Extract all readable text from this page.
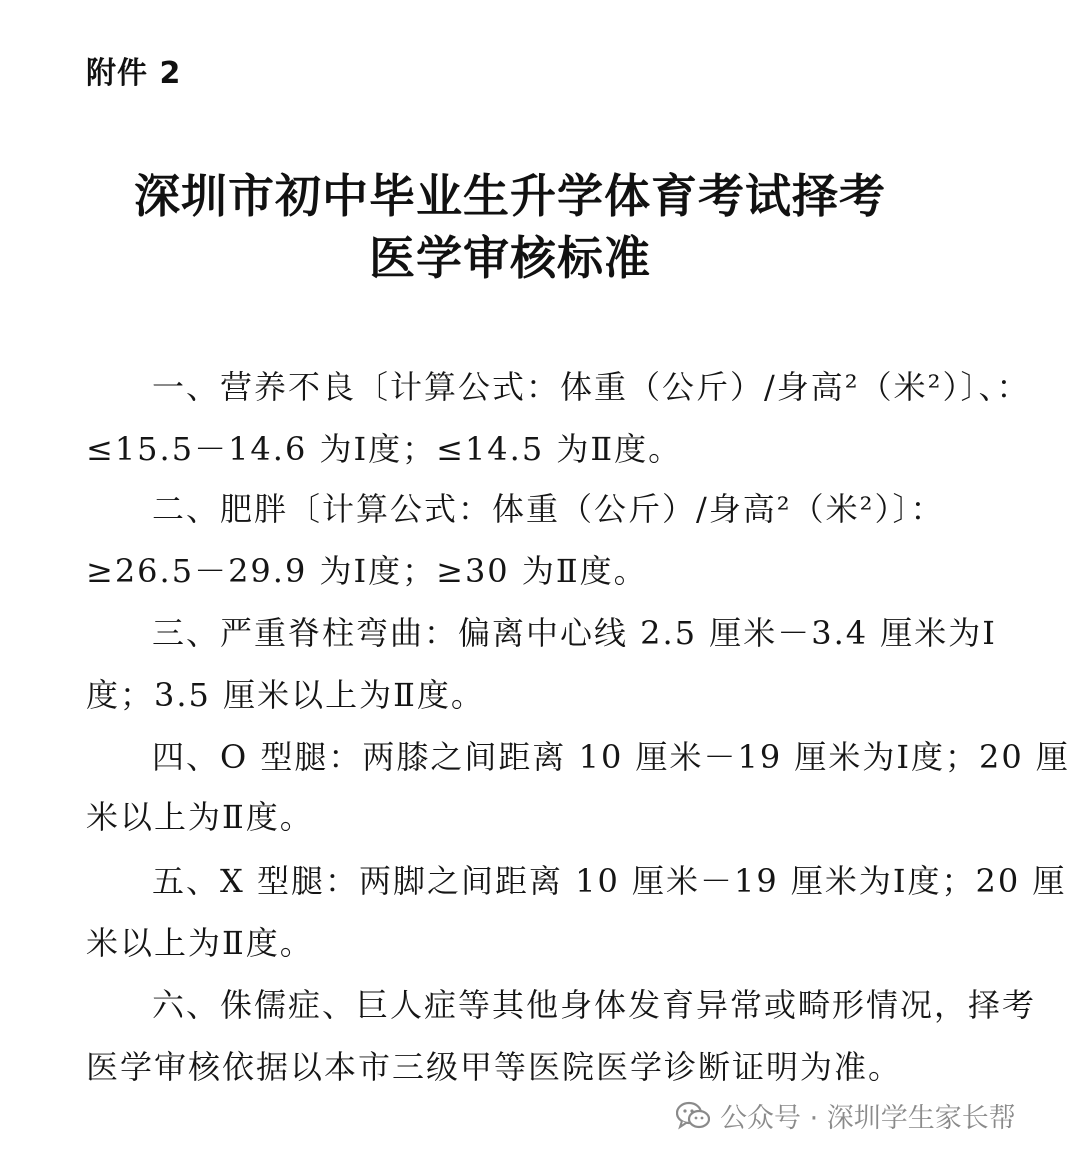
附件 2
深圳市初中毕业生升学体育考试择考
医学审核标准
一、营养不良〔计算公式：体重（公斤）/身高²（米²）〕、：
≤15.5－14.6 为Ⅰ度；≤14.5 为Ⅱ度。
二、肥胖〔计算公式：体重（公斤）/身高²（米²）〕：
≥26.5－29.9 为Ⅰ度；≥30 为Ⅱ度。
三、严重脊柱弯曲：偏离中心线 2.5 厘米－3.4 厘米为Ⅰ
度；3.5 厘米以上为Ⅱ度。
四、O 型腿：两膝之间距离 10 厘米－19 厘米为Ⅰ度；20 厘
米以上为Ⅱ度。
五、X 型腿：两脚之间距离 10 厘米－19 厘米为Ⅰ度；20 厘
米以上为Ⅱ度。
六、侏儒症、巨人症等其他身体发育异常或畸形情况，择考
医学审核依据以本市三级甲等医院医学诊断证明为准。
公众号 · 深圳学生家长帮
